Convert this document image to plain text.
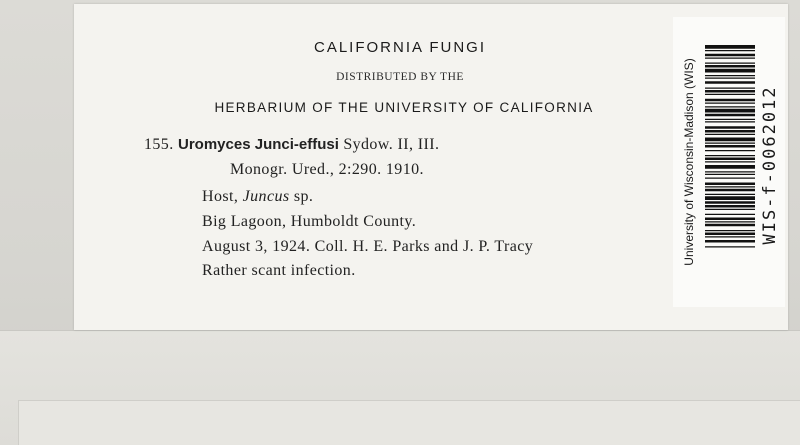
CALIFORNIA FUNGI
DISTRIBUTED BY THE
HERBARIUM OF THE UNIVERSITY OF CALIFORNIA
155. Uromyces Junci-effusi Sydow. II, III.
Monogr. Ured., 2:290. 1910.
Host, Juncus sp.
Big Lagoon, Humboldt County.
August 3, 1924. Coll. H. E. Parks and J. P. Tracy
Rather scant infection.
University of Wisconsin-Madison (WIS)	WIS-f-0062012
